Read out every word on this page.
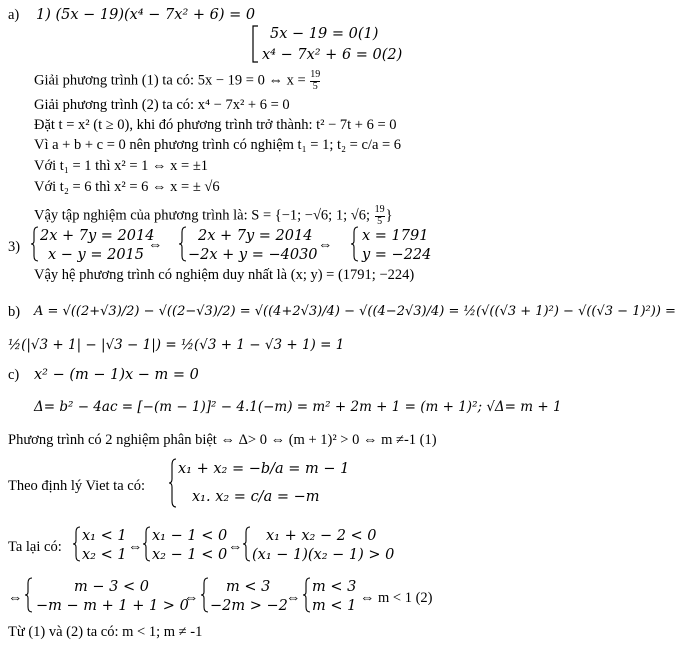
a) 1) (5x − 19)(x⁴ − 7x² + 6) = 0
5x − 19 = 0(1)
x⁴ − 7x² + 6 = 0(2)
Giải phương trình (1) ta có: 5x − 19 = 0 ⇔ $x = \frac{19}{5}$
Giải phương trình (2) ta có: x⁴ − 7x² + 6 = 0
Đặt t = x² (t ≥ 0), khi đó phương trình trở thành: t² − 7t + 6 = 0
Vì a + b + c = 0 nên phương trình có nghiệm t₁ = 1; t₂ = c/a = 6
Với t₁ = 1 thì x² = 1 ⇔ x = ±1
Với t₂ = 6 thì x² = 6 ⇔ x = ± √6
Vậy tập nghiệm của phương trình là: S = {−1; −√6; 1; √6; $\frac{19}{5}$ }
3)
2x + 7y = 2014
x − y = 2015
⇔
2x + 7y = 2014
−2x + y = −4030
⇔
x = 1791
y = −224
Vậy hệ phương trình có nghiệm duy nhất là (x; y) = (1791; −224)
b) A = √((2+√3)/2) − √((2−√3)/2) = √((4+2√3)/4) − √((4−2√3)/4) = ½(√((√3 + 1)²) − √((√3 − 1)²)) =
½(|√3 + 1| − |√3 − 1|) = ½(√3 + 1 − √3 + 1) = 1
c) x² − (m − 1)x − m = 0
Δ= b² − 4ac = [−(m − 1)]² − 4.1(−m) = m² + 2m + 1 = (m + 1)²; √Δ= m + 1
Phương trình có 2 nghiệm phân biệt ⇔ Δ> 0 ⇔ (m + 1)² > 0 ⇔ m ≠-1 (1)
Theo định lý Viet ta có:
x₁ + x₂ = −b/a = m − 1
x₁. x₂ = c/a = −m
Ta lại có:
x₁ < 1
x₂ < 1 ⇔
x₁ − 1 < 0
x₂ − 1 < 0 ⇔
x₁ + x₂ − 2 < 0
(x₁ − 1)(x₂ − 1) > 0
⇔
m − 3 < 0
−m − m + 1 + 1 > 0
⇔
m < 3
−2m > −2
⇔
m < 3
m < 1 ⇔ m < 1 (2)
Từ (1) và (2) ta có: m < 1; m ≠ -1
